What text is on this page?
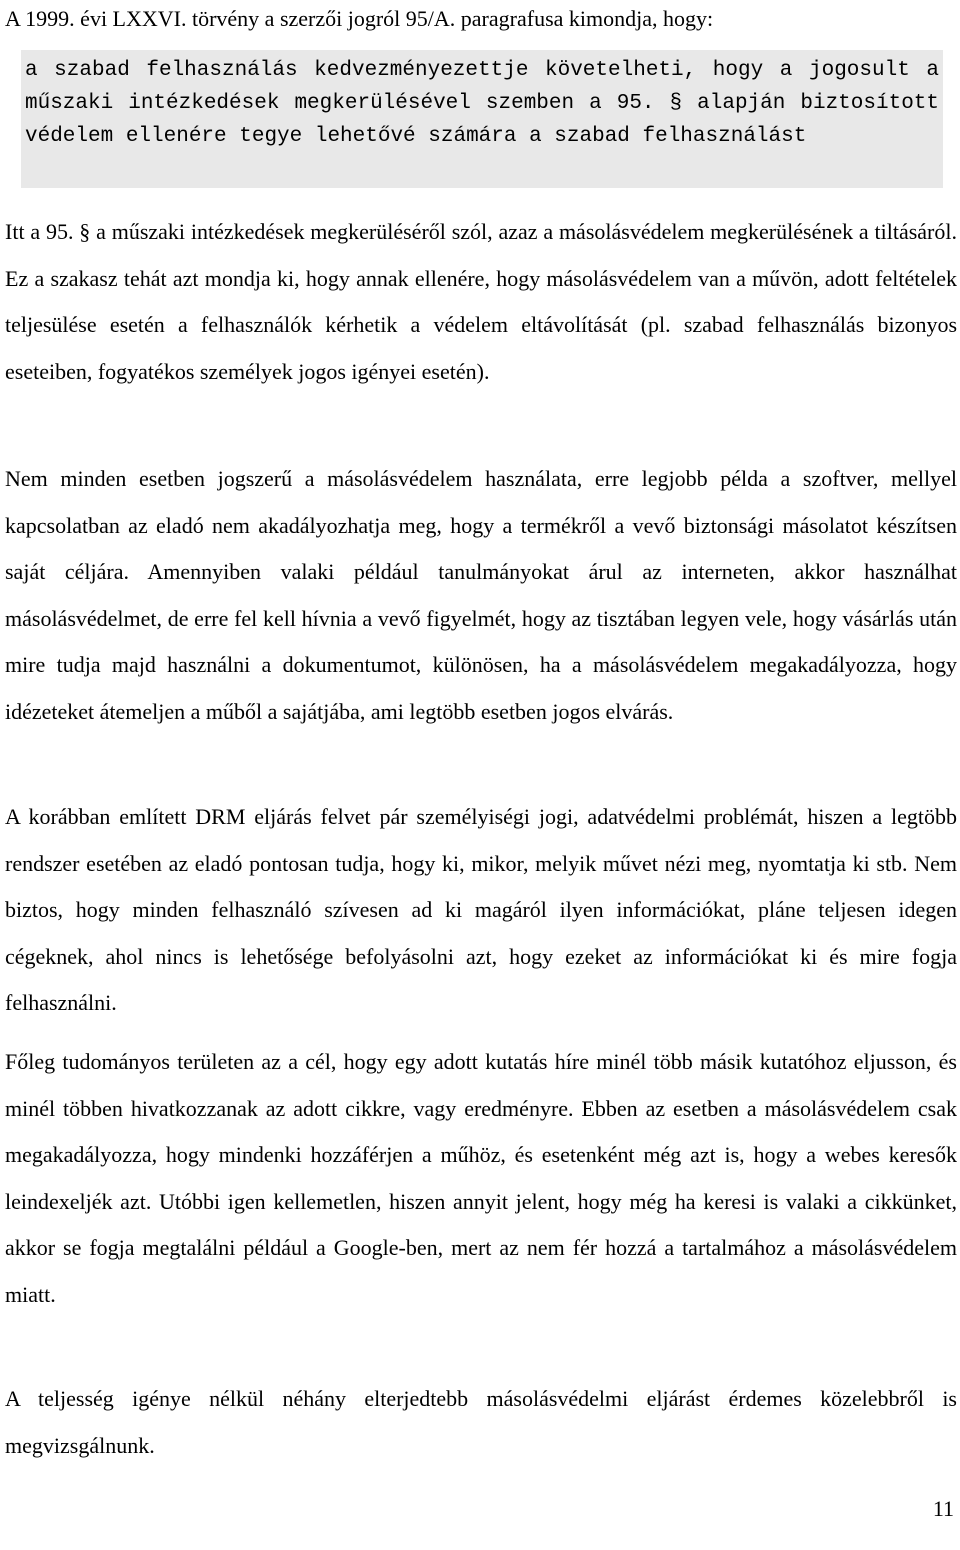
A 1999. évi LXXVI. törvény a szerzői jogról 95/A. paragrafusa kimondja, hogy:

a szabad felhasználás kedvezményezettje követelheti, hogy a jogosult a műszaki intézkedések megkerülésével szemben a 95. § alapján biztosított védelem ellenére tegye lehetővé számára a szabad felhasználást

Itt a 95. § a műszaki intézkedések megkerüléséről szól, azaz a másolásvédelem megkerülésének a tiltásáról. Ez a szakasz tehát azt mondja ki, hogy annak ellenére, hogy másolásvédelem van a művön, adott feltételek teljesülése esetén a felhasználók kérhetik a védelem eltávolítását (pl. szabad felhasználás bizonyos eseteiben, fogyatékos személyek jogos igényei esetén).

Nem minden esetben jogszerű a másolásvédelem használata, erre legjobb példa a szoftver, mellyel kapcsolatban az eladó nem akadályozhatja meg, hogy a termékről a vevő biztonsági másolatot készítsen saját céljára. Amennyiben valaki például tanulmányokat árul az interneten, akkor használhat másolásvédelmet, de erre fel kell hívnia a vevő figyelmét, hogy az tisztában legyen vele, hogy vásárlás után mire tudja majd használni a dokumentumot, különösen, ha a másolásvédelem megakadályozza, hogy idézeteket átemeljen a műből a sajátjába, ami legtöbb esetben jogos elvárás.

A korábban említett DRM eljárás felvet pár személyiségi jogi, adatvédelmi problémát, hiszen a legtöbb rendszer esetében az eladó pontosan tudja, hogy ki, mikor, melyik művet nézi meg, nyomtatja ki stb. Nem biztos, hogy minden felhasználó szívesen ad ki magáról ilyen információkat, pláne teljesen idegen cégeknek, ahol nincs is lehetősége befolyásolni azt, hogy ezeket az információkat ki és mire fogja felhasználni.

Főleg tudományos területen az a cél, hogy egy adott kutatás híre minél több másik kutatóhoz eljusson, és minél többen hivatkozzanak az adott cikkre, vagy eredményre. Ebben az esetben a másolásvédelem csak megakadályozza, hogy mindenki hozzáférjen a műhöz, és esetenként még azt is, hogy a webes keresők leindexeljék azt. Utóbbi igen kellemetlen, hiszen annyit jelent, hogy még ha keresi is valaki a cikkünket, akkor se fogja megtalálni például a Google-ben, mert az nem fér hozzá a tartalmához a másolásvédelem miatt.

A teljesség igénye nélkül néhány elterjedtebb másolásvédelmi eljárást érdemes közelebbről is megvizsgálnunk.

11
